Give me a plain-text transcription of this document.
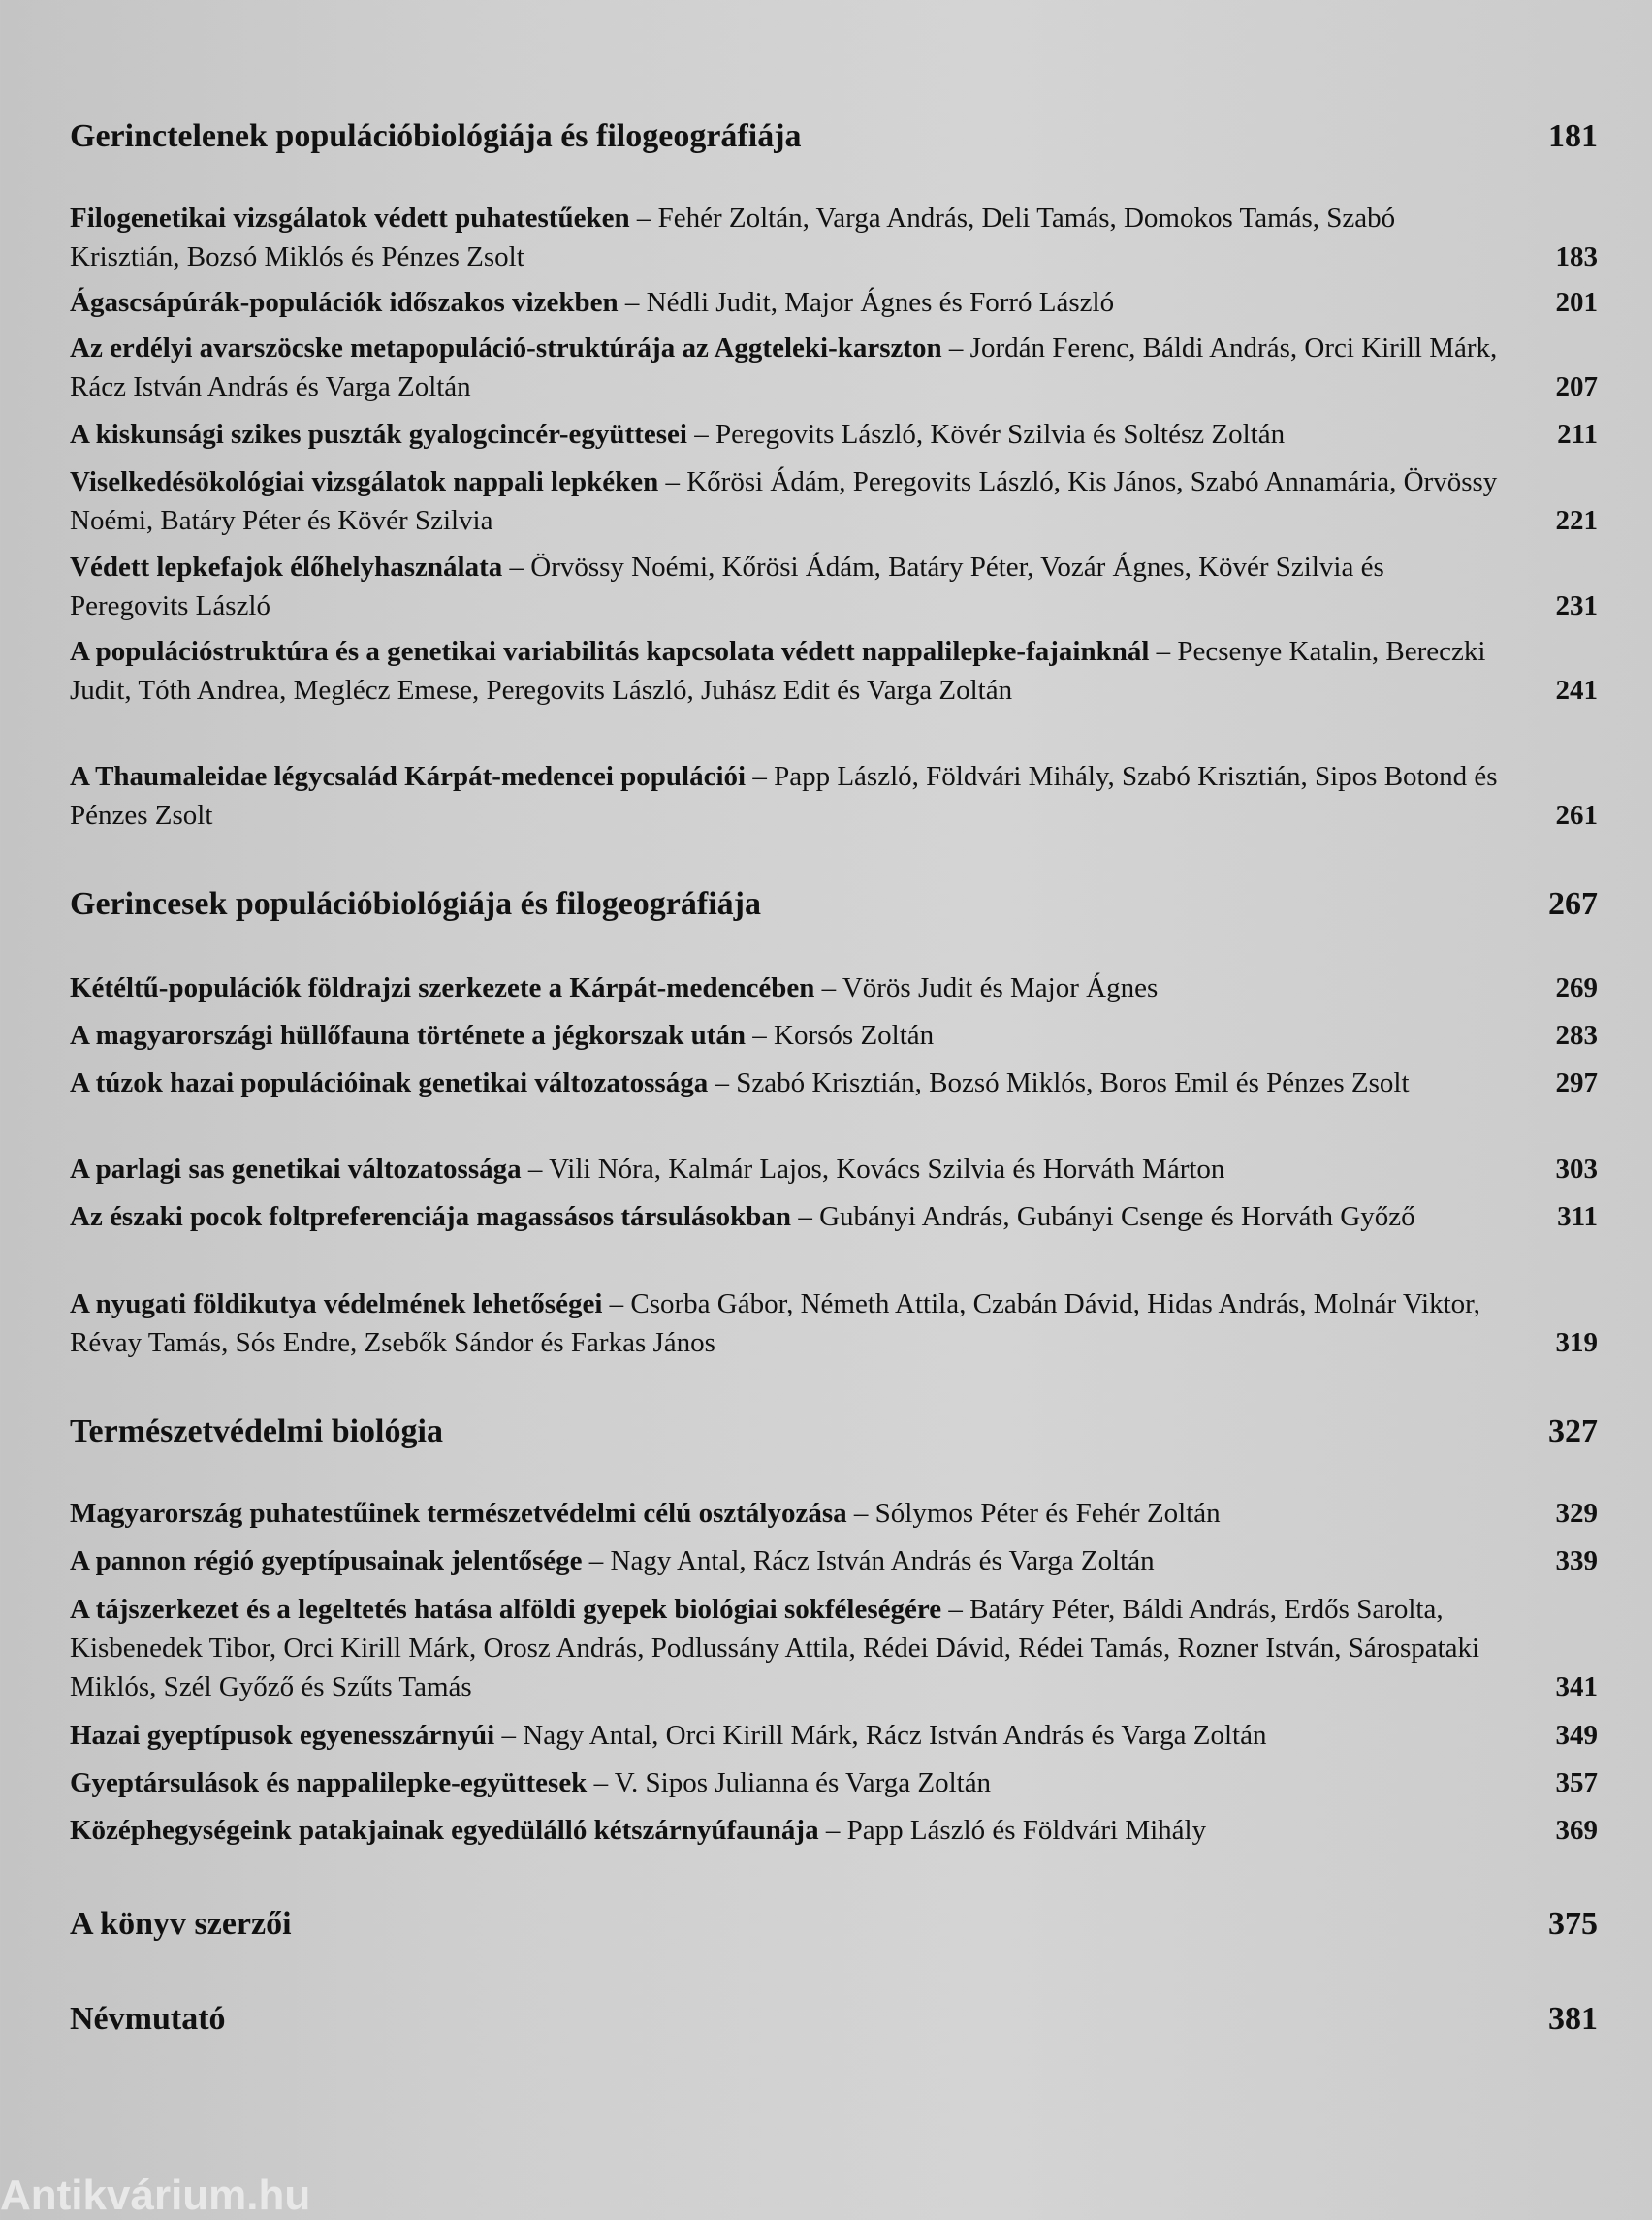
Gerinctelenek populációbiológiája és filogeográfiája	181
Gerincesek populációbiológiája és filogeográfiája	267
Természetvédelmi biológia	327
A könyv szerzői	375
Névmutató	381
Filogenetikai vizsgálatok védett puhatestűeken – Fehér Zoltán, Varga András, Deli Tamás, Domokos Tamás, Szabó Krisztián, Bozsó Miklós és Pénzes Zsolt	183
Ágascsápúrák-populációk időszakos vizekben – Nédli Judit, Major Ágnes és Forró László	201
Az erdélyi avarszöcske metapopuláció-struktúrája az Aggteleki-karszton – Jordán Ferenc, Báldi András, Orci Kirill Márk, Rácz István András és Varga Zoltán	207
A kiskunsági szikes puszták gyalogcincér-együttesei – Peregovits László, Kövér Szilvia és Soltész Zoltán	211
Viselkedésökológiai vizsgálatok nappali lepkéken – Kőrösi Ádám, Peregovits László, Kis János, Szabó Annamária, Örvössy Noémi, Batáry Péter és Kövér Szilvia	221
Védett lepkefajok élőhelyhasználata – Örvössy Noémi, Kőrösi Ádám, Batáry Péter, Vozár Ágnes, Kövér Szilvia és Peregovits László	231
A populációstruktúra és a genetikai variabilitás kapcsolata védett nappalilepke-fajainknál – Pecsenye Katalin, Bereczki Judit, Tóth Andrea, Meglécz Emese, Peregovits László, Juhász Edit és Varga Zoltán	241
A Thaumaleidae légycsalád Kárpát-medencei populációi – Papp László, Földvári Mihály, Szabó Krisztián, Sipos Botond és Pénzes Zsolt	261
Kétéltű-populációk földrajzi szerkezete a Kárpát-medencében – Vörös Judit és Major Ágnes	269
A magyarországi hüllőfauna története a jégkorszak után – Korsós Zoltán	283
A túzok hazai populációinak genetikai változatossága – Szabó Krisztián, Bozsó Miklós, Boros Emil és Pénzes Zsolt	297
A parlagi sas genetikai változatossága – Vili Nóra, Kalmár Lajos, Kovács Szilvia és Horváth Márton	303
Az északi pocok foltpreferenciája magassásos társulásokban – Gubányi András, Gubányi Csenge és Horváth Győző	311
A nyugati földikutya védelmének lehetőségei – Csorba Gábor, Németh Attila, Czabán Dávid, Hidas András, Molnár Viktor, Révay Tamás, Sós Endre, Zsebők Sándor és Farkas János	319
Magyarország puhatestűinek természetvédelmi célú osztályozása – Sólymos Péter és Fehér Zoltán	329
A pannon régió gyeptípusainak jelentősége – Nagy Antal, Rácz István András és Varga Zoltán	339
A tájszerkezet és a legeltetés hatása alföldi gyepek biológiai sokféleségére – Batáry Péter, Báldi András, Erdős Sarolta, Kisbenedek Tibor, Orci Kirill Márk, Orosz András, Podlussány Attila, Rédei Dávid, Rédei Tamás, Rozner István, Sárospataki Miklós, Szél Győző és Szűts Tamás	341
Hazai gyeptípusok egyenesszárnyúi – Nagy Antal, Orci Kirill Márk, Rácz István András és Varga Zoltán	349
Gyeptársulások és nappalilepke-együttesek – V. Sipos Julianna és Varga Zoltán	357
Középhegységeink patakjainak egyedülálló kétszárnyúfaunája – Papp László és Földvári Mihály	369
Antikvárium.hu
